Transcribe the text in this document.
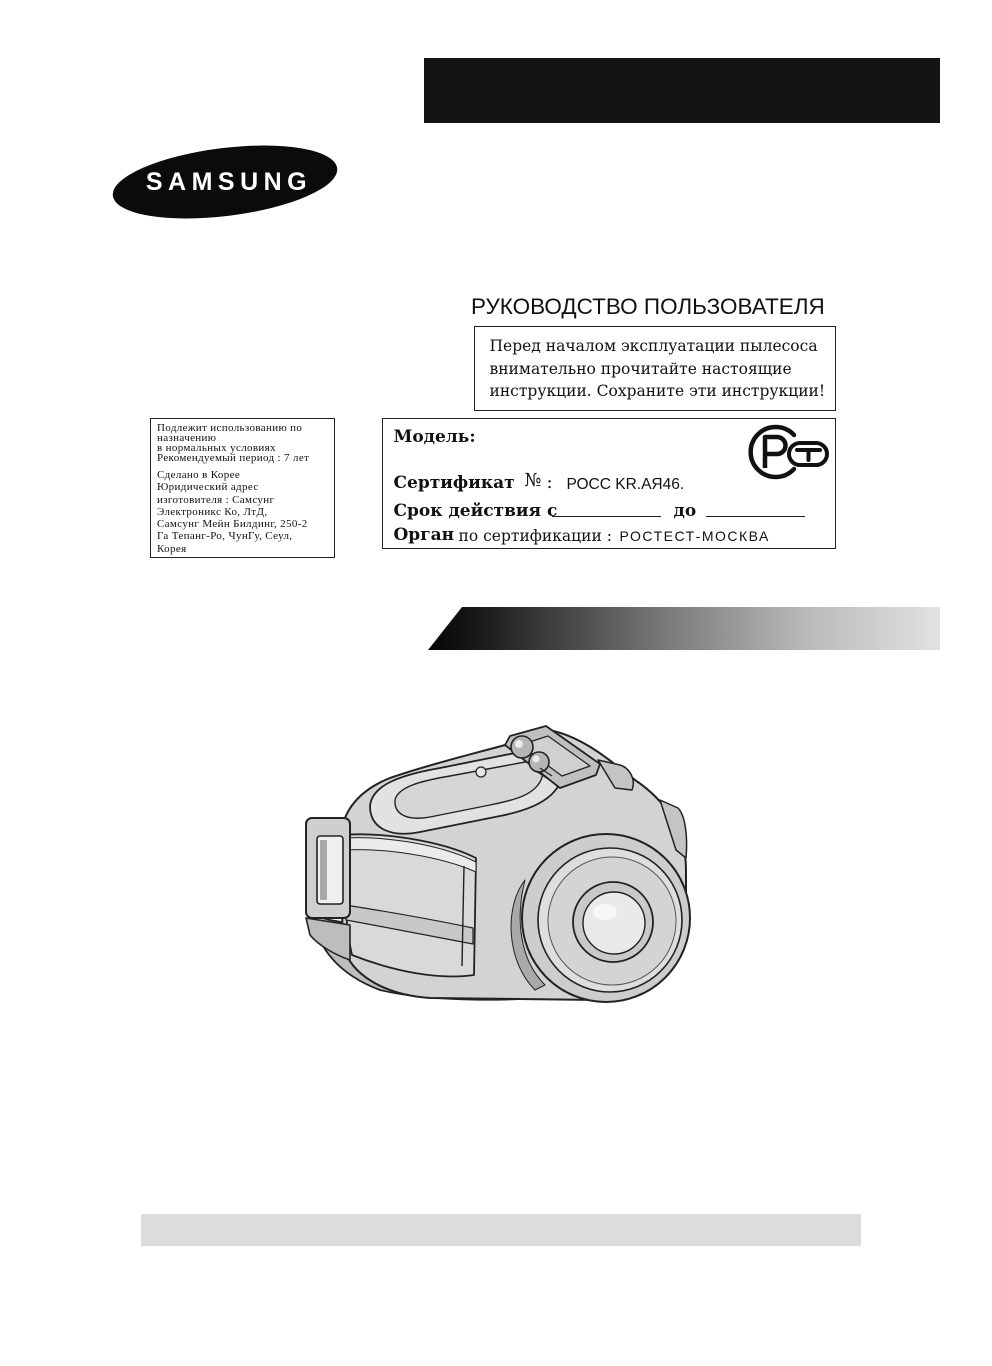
SAMSUNG
РУКОВОДСТВО ПОЛЬЗОВАТЕЛЯ
Перед началом эксплуатации пылесоса
внимательно прочитайте настоящие
инструкции. Сохраните эти инструкции!
Подлежит использованию по
назначению
в нормальных условиях
Рекомендуемый период : 7 лет
Сделано в Корее
Юридический адрес
изготовителя : Самсунг
Электроникс Ко, ЛтД,
Самсунг Мейн Билдинг, 250-2
Га Тепанг-Ро, ЧунГу, Сеул,
Корея
Модель:
Сертификат № : РОСС KR.АЯ46.
Срок действия с	до
Орган по сертификации : РОСТЕСТ-МОСКВА
